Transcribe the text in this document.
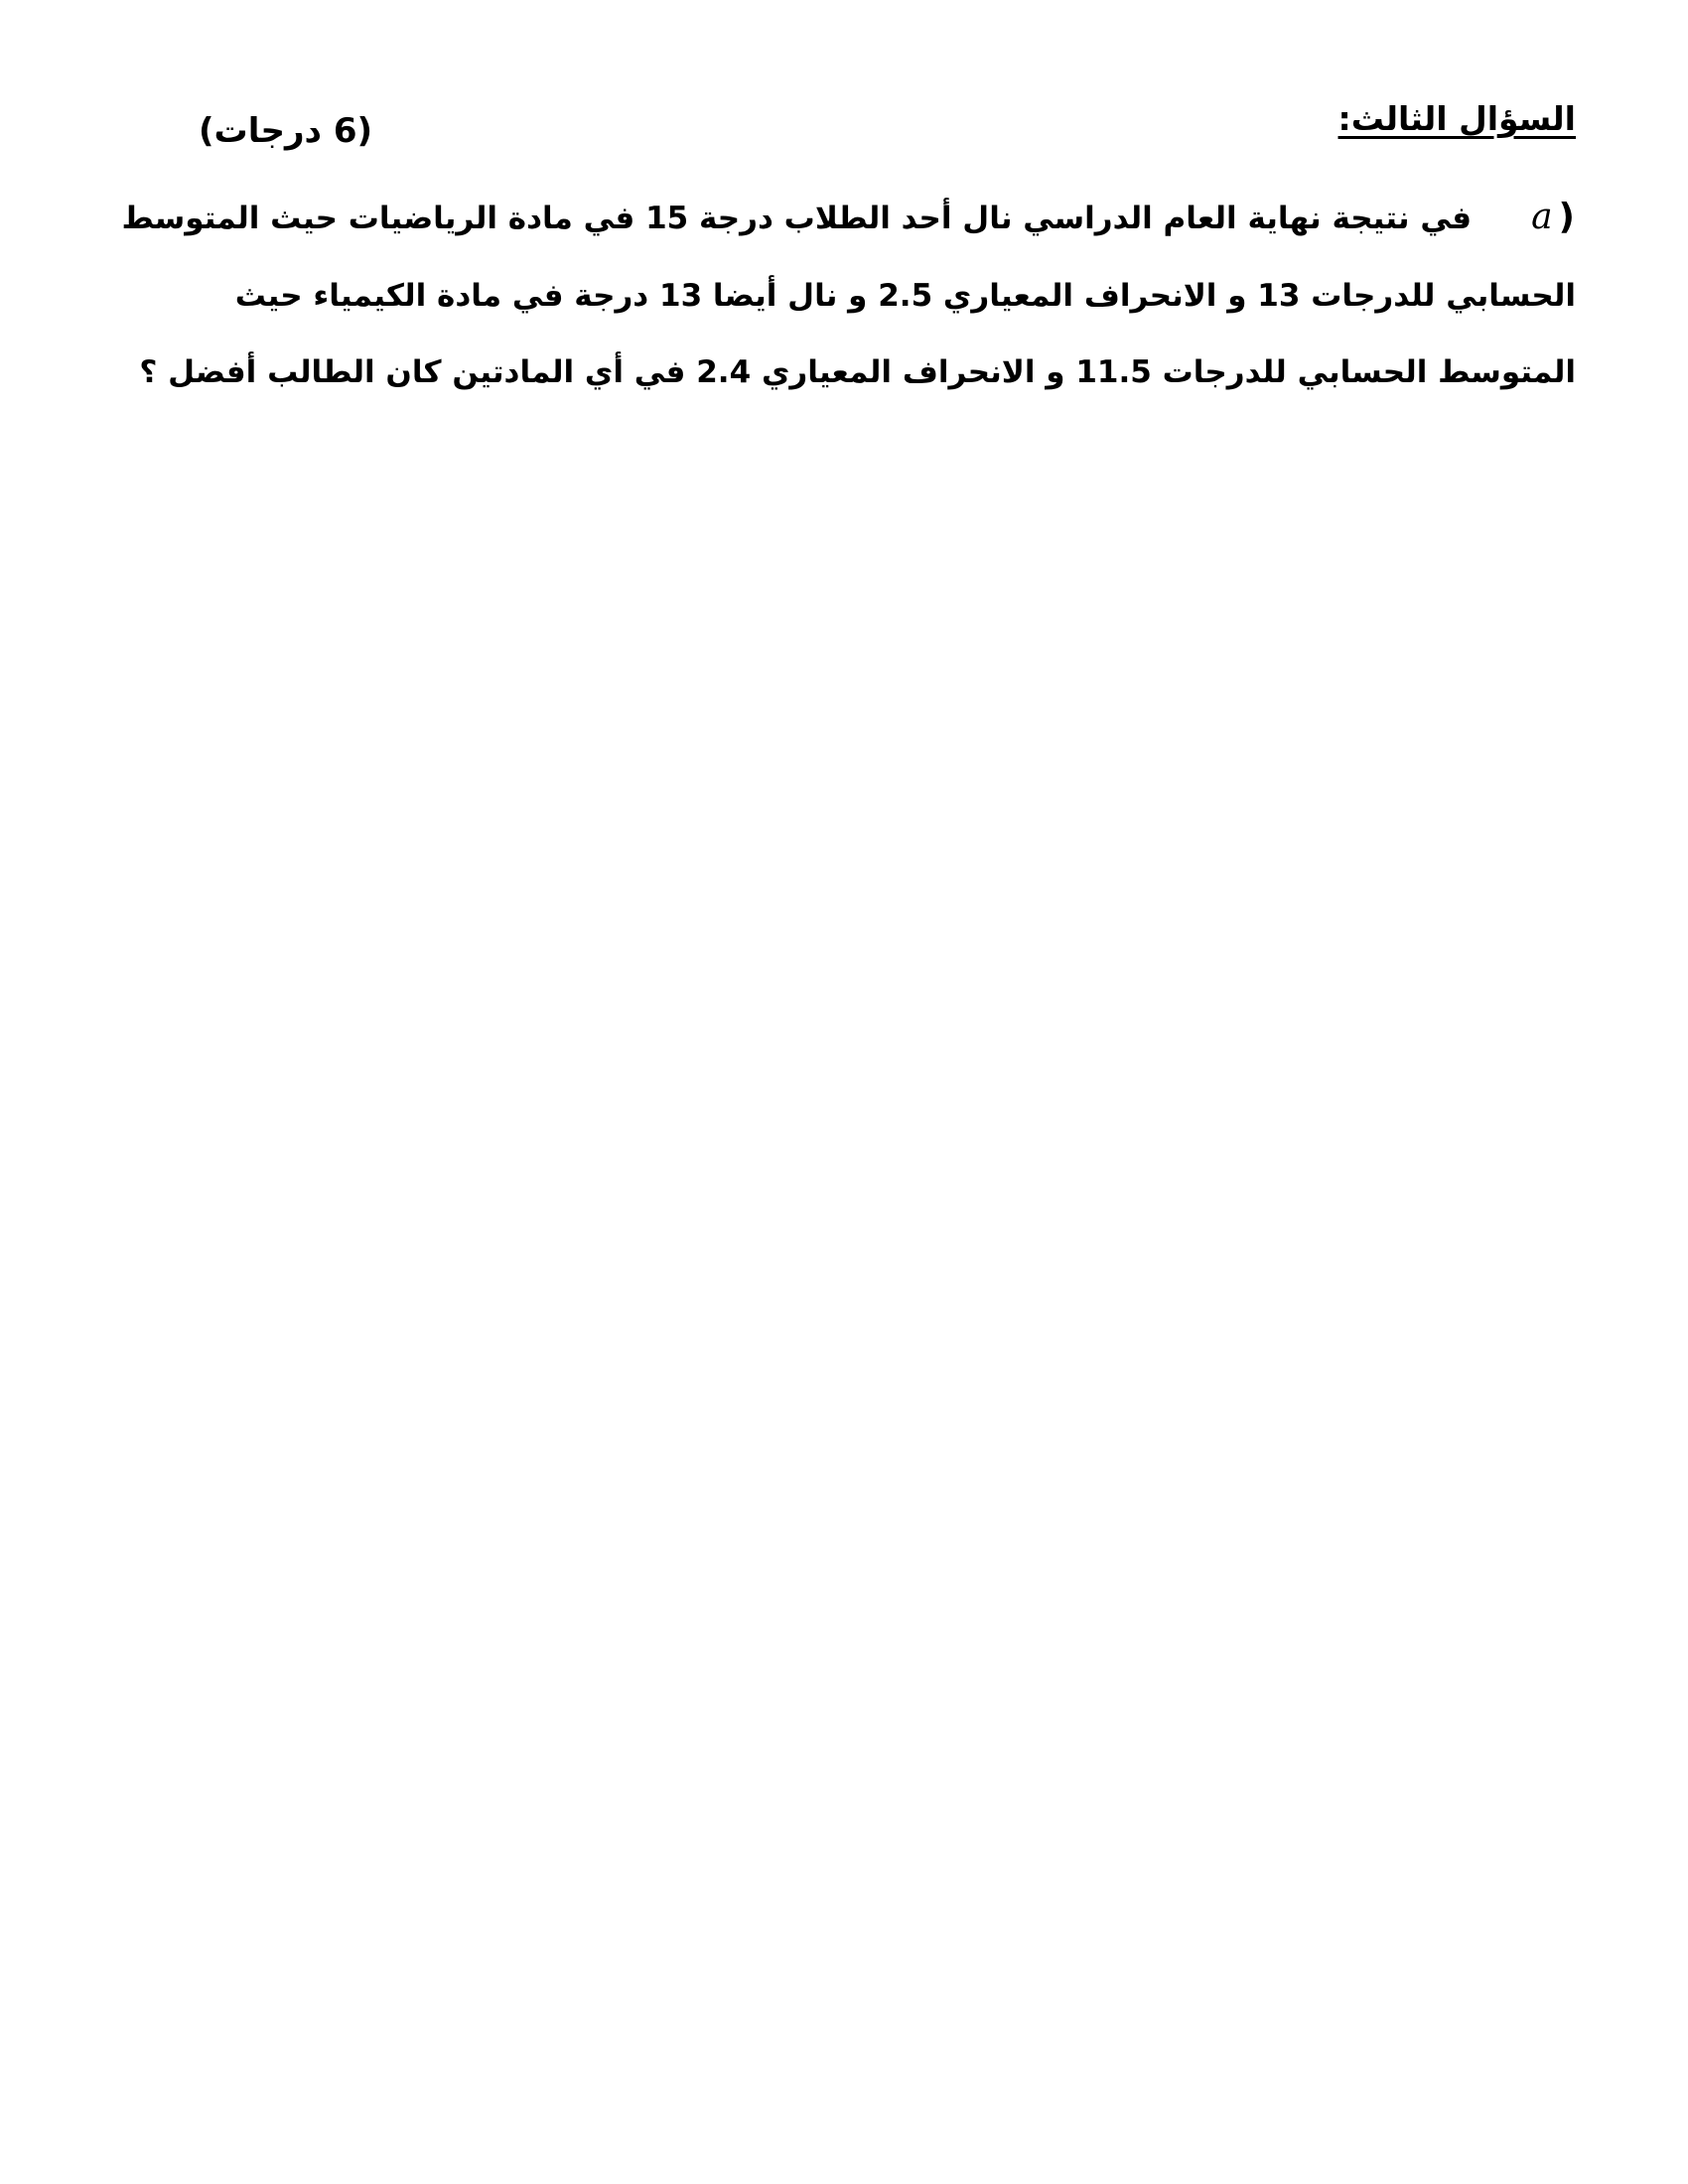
السؤال الثالث:
(6 درجات)
a )
في نتيجة نهاية العام الدراسي نال أحد الطلاب درجة 15 في مادة الرياضيات حيث المتوسط
الحسابي للدرجات 13 و الانحراف المعياري 2.5 و نال أيضا 13 درجة في مادة الكيمياء حيث
المتوسط الحسابي للدرجات 11.5 و الانحراف المعياري 2.4 في أي المادتين كان الطالب أفضل ؟
